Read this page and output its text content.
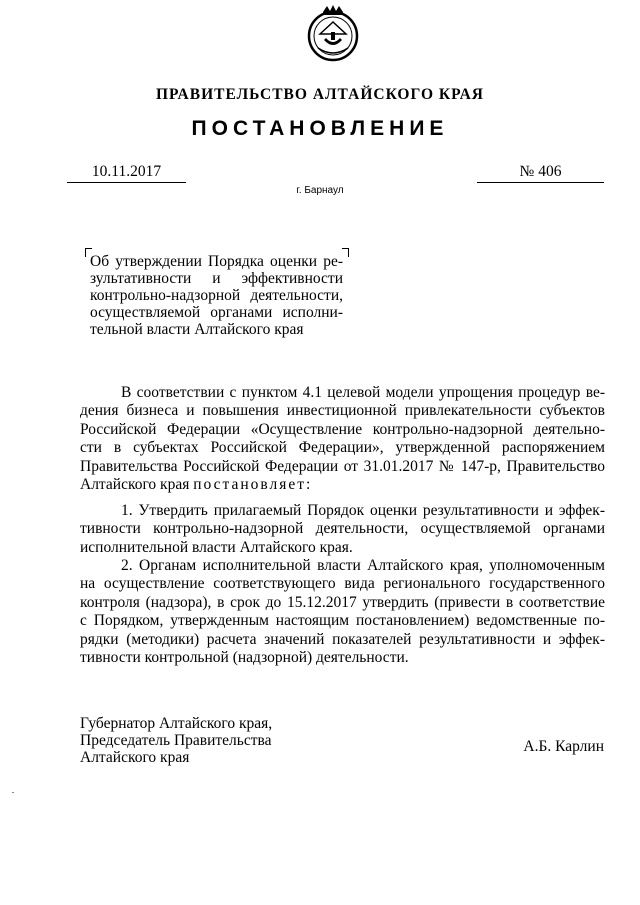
ПРАВИТЕЛЬСТВО АЛТАЙСКОГО КРАЯ
ПОСТАНОВЛЕНИЕ
10.11.2017	№ 406
г. Барнаул
Об утверждении Порядка оценки ре-
зультативности и эффективности
контрольно-надзорной деятельности,
осуществляемой органами исполни-
тельной власти Алтайского края
В соответствии с пунктом 4.1 целевой модели упрощения процедур ве-
дения бизнеса и повышения инвестиционной привлекательности субъектов
Российской Федерации «Осуществление контрольно-надзорной деятельно-
сти в субъектах Российской Федерации», утвержденной распоряжением
Правительства Российской Федерации от 31.01.2017 № 147-р, Правительство
Алтайского края постановляет:
1. Утвердить прилагаемый Порядок оценки результативности и эффек-
тивности контрольно-надзорной деятельности, осуществляемой органами
исполнительной власти Алтайского края.
2. Органам исполнительной власти Алтайского края, уполномоченным
на осуществление соответствующего вида регионального государственного
контроля (надзора), в срок до 15.12.2017 утвердить (привести в соответствие
с Порядком, утвержденным настоящим постановлением) ведомственные по-
рядки (методики) расчета значений показателей результативности и эффек-
тивности контрольной (надзорной) деятельности.
Губернатор Алтайского края,
Председатель Правительства
Алтайского края
А.Б. Карлин
